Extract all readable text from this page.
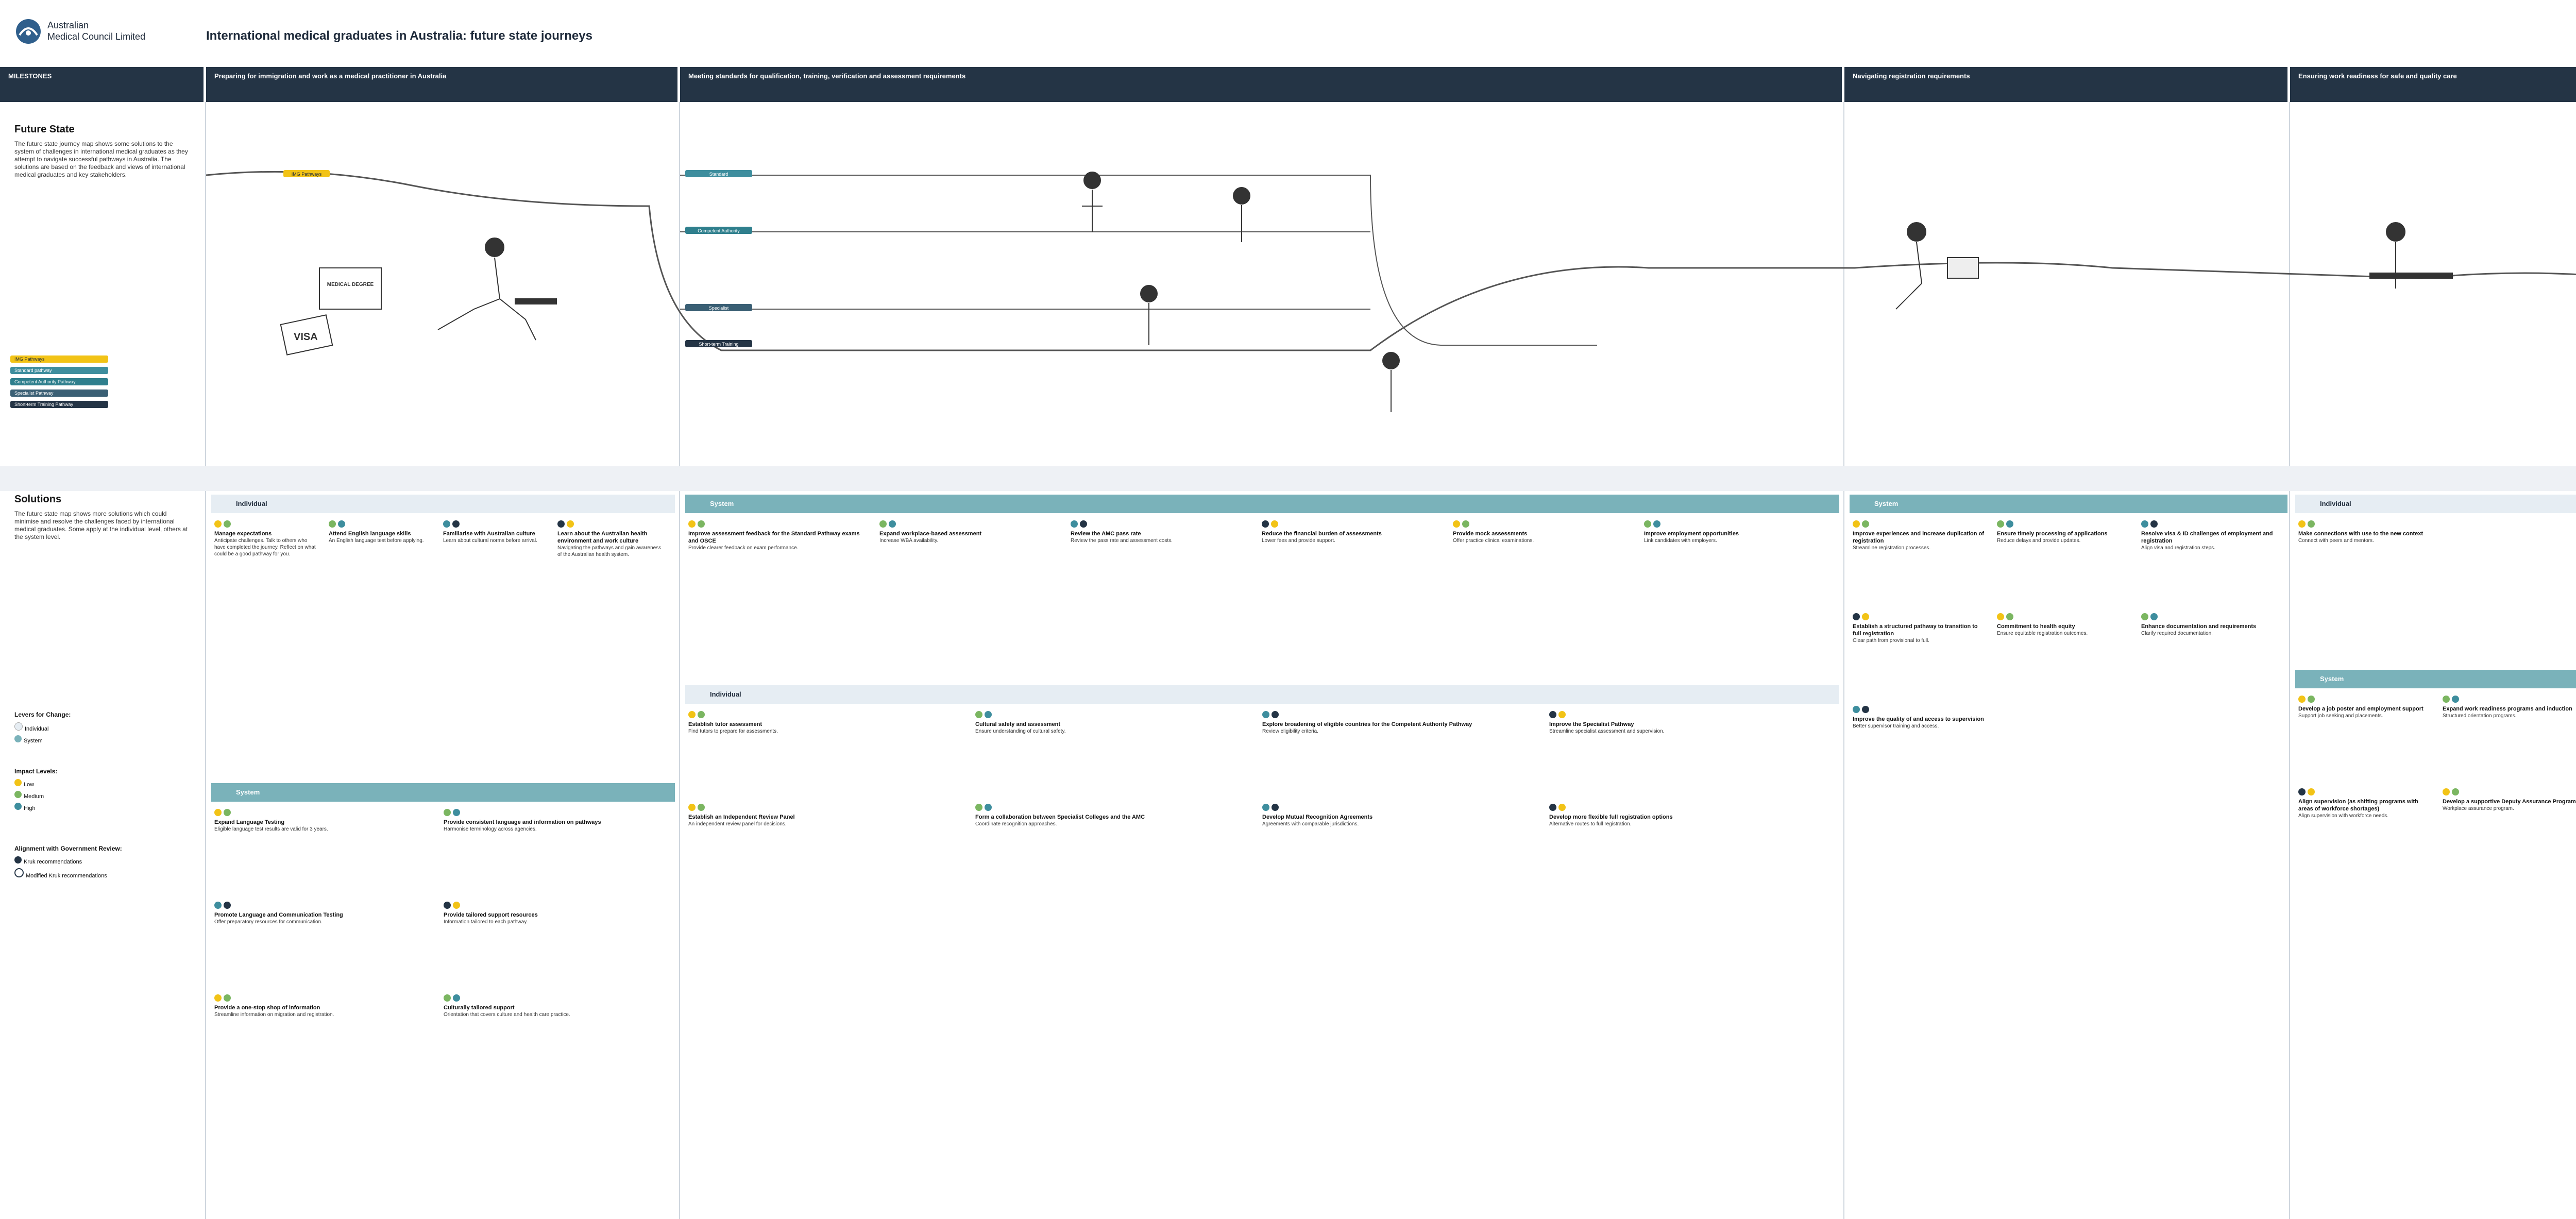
Australian
Medical Council Limited	International medical graduates in Australia: future state journeys
MILESTONES	Preparing for immigration and work as a medical practitioner in Australia	Meeting standards for qualification, training, verification and assessment requirements	Navigating registration requirements	Ensuring work readiness for safe and quality care
Future State
The future state journey map shows some solutions to the system of challenges in international medical graduates as they attempt to navigate successful pathways in Australia. The solutions are based on the feedback and views of international medical graduates and key stakeholders.
IMG Pathways
Standard pathway
Competent Authority Pathway
Specialist Pathway
Short-term Training Pathway
IMG Pathways	Standard
Competent Authority
Specialist
Short-term Training
VISA
MEDICAL DEGREE
Solutions
The future state map shows more solutions which could minimise and resolve the challenges faced by international medical graduates. Some apply at the individual level, others at the system level.
Levers for Change:
Individual
System
Impact Levels:
Low
Medium
High
Alignment with Government Review:
Kruk recommendations
Modified Kruk recommendations
Individual
Manage expectations
Anticipate challenges. Talk to others who have completed the journey. Reflect on what could be a good pathway for you.
Attend English language skills
An English language test before applying.
Familiarise with Australian culture
Learn about cultural norms before arrival.
Learn about the Australian health environment and work culture
Navigating the pathways and gain awareness of the Australian health system.
System
Expand Language Testing
Eligible language test results are valid for 3 years.
Provide consistent language and information on pathways
Harmonise terminology across agencies.
Promote Language and Communication Testing
Offer preparatory resources for communication.
Provide tailored support resources
Information tailored to each pathway.
Provide a one-stop shop of information
Streamline information on migration and registration.
Culturally tailored support
Orientation that covers culture and health care practice.
System
Improve assessment feedback for the Standard Pathway exams and OSCE
Provide clearer feedback on exam performance.
Expand workplace-based assessment
Increase WBA availability.
Review the AMC pass rate
Review the pass rate and assessment costs.
Reduce the financial burden of assessments
Lower fees and provide support.
Provide mock assessments
Offer practice clinical examinations.
Improve employment opportunities
Link candidates with employers.
Individual
Establish tutor assessment
Find tutors to prepare for assessments.
Cultural safety and assessment
Ensure understanding of cultural safety.
Explore broadening of eligible countries for the Competent Authority Pathway
Review eligibility criteria.
Improve the Specialist Pathway
Streamline specialist assessment and supervision.
Establish an Independent Review Panel
An independent review panel for decisions.
Form a collaboration between Specialist Colleges and the AMC
Coordinate recognition approaches.
Develop Mutual Recognition Agreements
Agreements with comparable jurisdictions.
Develop more flexible full registration options
Alternative routes to full registration.
System
Improve experiences and increase duplication of registration
Streamline registration processes.
Ensure timely processing of applications
Reduce delays and provide updates.
Resolve visa & ID challenges of employment and registration
Align visa and registration steps.
Establish a structured pathway to transition to full registration
Clear path from provisional to full.
Commitment to health equity
Ensure equitable registration outcomes.
Enhance documentation and requirements
Clarify required documentation.
Improve the quality of and access to supervision
Better supervisor training and access.
Individual
Make connections with use to the new context
Connect with peers and mentors.
System
Develop a job poster and employment support
Support job seeking and placements.
Expand work readiness programs and induction
Structured orientation programs.
Align supervision (as shifting programs with areas of workforce shortages)
Align supervision with workforce needs.
Develop a supportive Deputy Assurance Program
Workplace assurance program.
